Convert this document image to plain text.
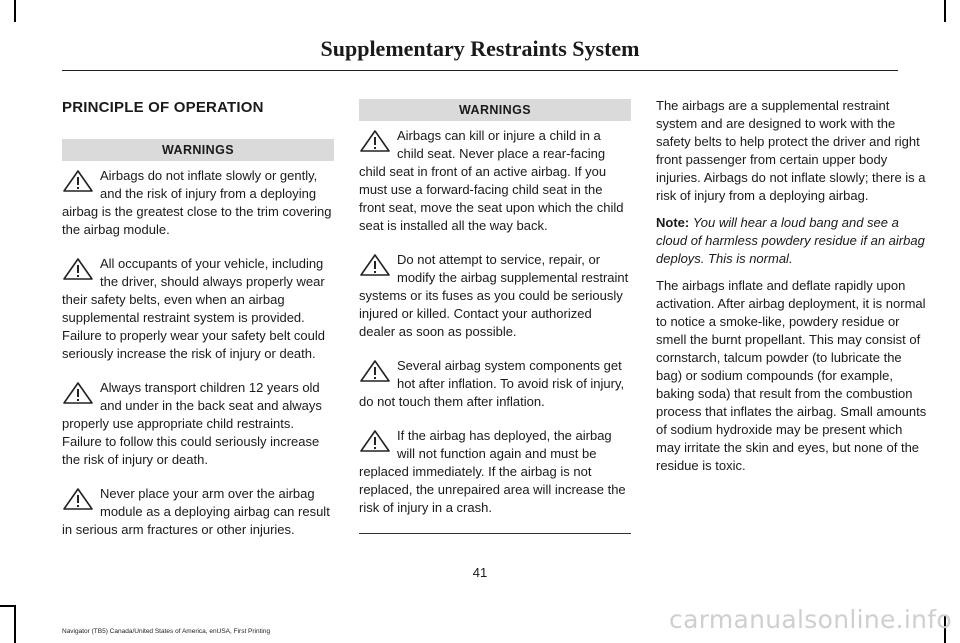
Supplementary Restraints System
PRINCIPLE OF OPERATION
WARNINGS

Airbags do not inflate slowly or gently, and the risk of injury from a deploying airbag is the greatest close to the trim covering the airbag module.

All occupants of your vehicle, including the driver, should always properly wear their safety belts, even when an airbag supplemental restraint system is provided. Failure to properly wear your safety belt could seriously increase the risk of injury or death.

Always transport children 12 years old and under in the back seat and always properly use appropriate child restraints. Failure to follow this could seriously increase the risk of injury or death.

Never place your arm over the airbag module as a deploying airbag can result in serious arm fractures or other injuries.

WARNINGS

Airbags can kill or injure a child in a child seat. Never place a rear-facing child seat in front of an active airbag. If you must use a forward-facing child seat in the front seat, move the seat upon which the child seat is installed all the way back.

Do not attempt to service, repair, or modify the airbag supplemental restraint systems or its fuses as you could be seriously injured or killed. Contact your authorized dealer as soon as possible.

Several airbag system components get hot after inflation. To avoid risk of injury, do not touch them after inflation.

If the airbag has deployed, the airbag will not function again and must be replaced immediately. If the airbag is not replaced, the unrepaired area will increase the risk of injury in a crash.

The airbags are a supplemental restraint system and are designed to work with the safety belts to help protect the driver and right front passenger from certain upper body injuries. Airbags do not inflate slowly; there is a risk of injury from a deploying airbag.

Note: You will hear a loud bang and see a cloud of harmless powdery residue if an airbag deploys. This is normal.

The airbags inflate and deflate rapidly upon activation. After airbag deployment, it is normal to notice a smoke-like, powdery residue or smell the burnt propellant. This may consist of cornstarch, talcum powder (to lubricate the bag) or sodium compounds (for example, baking soda) that result from the combustion process that inflates the airbag. Small amounts of sodium hydroxide may be present which may irritate the skin and eyes, but none of the residue is toxic.

41
Navigator (TB5) Canada/United States of America, enUSA, First Printing	carmanualsonline.info
